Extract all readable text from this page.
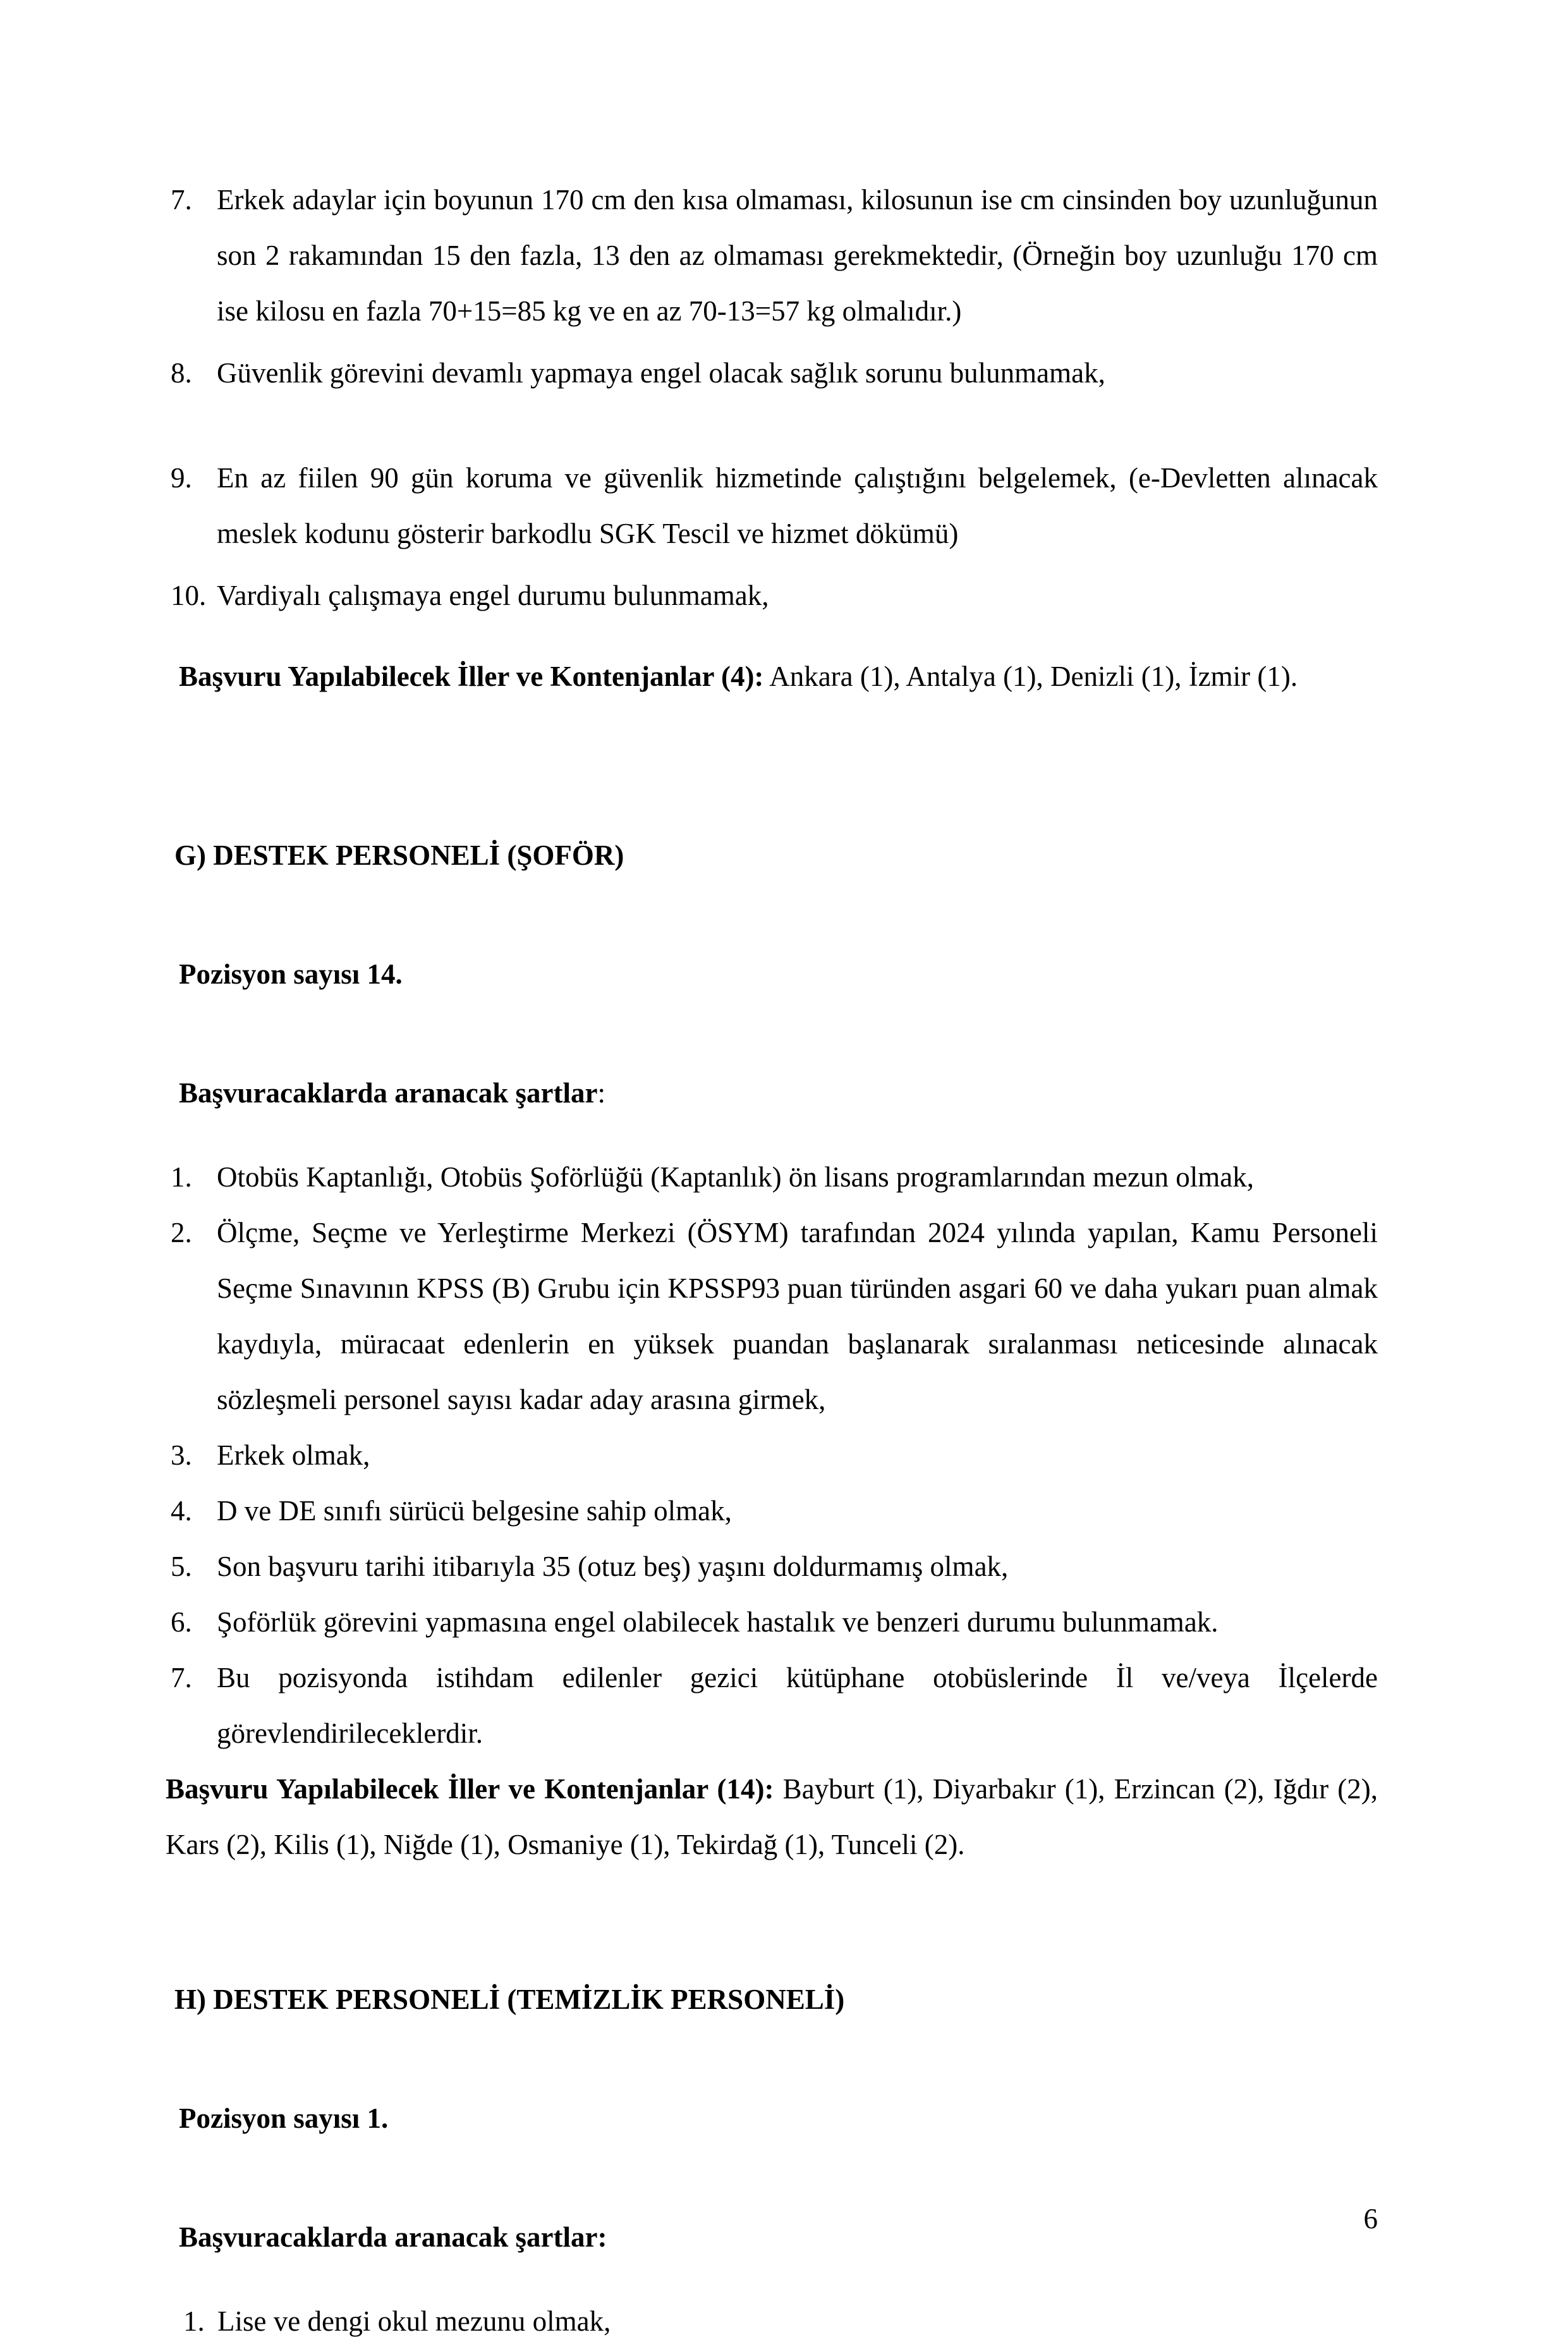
7. Erkek adaylar için boyunun 170 cm den kısa olmaması, kilosunun ise cm cinsinden boy uzunluğunun son 2 rakamından 15 den fazla, 13 den az olmaması gerekmektedir, (Örneğin boy uzunluğu 170 cm ise kilosu en fazla 70+15=85 kg ve en az 70-13=57 kg olmalıdır.)
8. Güvenlik görevini devamlı yapmaya engel olacak sağlık sorunu bulunmamak,
9. En az fiilen 90 gün koruma ve güvenlik hizmetinde çalıştığını belgelemek, (e-Devletten alınacak meslek kodunu gösterir barkodlu SGK Tescil ve hizmet dökümü)
10. Vardiyalı çalışmaya engel durumu bulunmamak,

Başvuru Yapılabilecek İller ve Kontenjanlar (4): Ankara (1), Antalya (1), Denizli (1), İzmir (1).

G) DESTEK PERSONELİ (ŞOFÖR)

Pozisyon sayısı 14.

Başvuracaklarda aranacak şartlar:

1. Otobüs Kaptanlığı, Otobüs Şoförlüğü (Kaptanlık) ön lisans programlarından mezun olmak,
2. Ölçme, Seçme ve Yerleştirme Merkezi (ÖSYM) tarafından 2024 yılında yapılan, Kamu Personeli Seçme Sınavının KPSS (B) Grubu için KPSSP93 puan türünden asgari 60 ve daha yukarı puan almak kaydıyla, müracaat edenlerin en yüksek puandan başlanarak sıralanması neticesinde alınacak sözleşmeli personel sayısı kadar aday arasına girmek,
3. Erkek olmak,
4. D ve DE sınıfı sürücü belgesine sahip olmak,
5. Son başvuru tarihi itibarıyla 35 (otuz beş) yaşını doldurmamış olmak,
6. Şoförlük görevini yapmasına engel olabilecek hastalık ve benzeri durumu bulunmamak.
7. Bu pozisyonda istihdam edilenler gezici kütüphane otobüslerinde İl ve/veya İlçelerde görevlendirileceklerdir.

Başvuru Yapılabilecek İller ve Kontenjanlar (14): Bayburt (1), Diyarbakır (1), Erzincan (2), Iğdır (2), Kars (2), Kilis (1), Niğde (1), Osmaniye (1), Tekirdağ (1), Tunceli (2).

H) DESTEK PERSONELİ (TEMİZLİK PERSONELİ)

Pozisyon sayısı 1.

Başvuracaklarda aranacak şartlar:

1. Lise ve dengi okul mezunu olmak,
6
